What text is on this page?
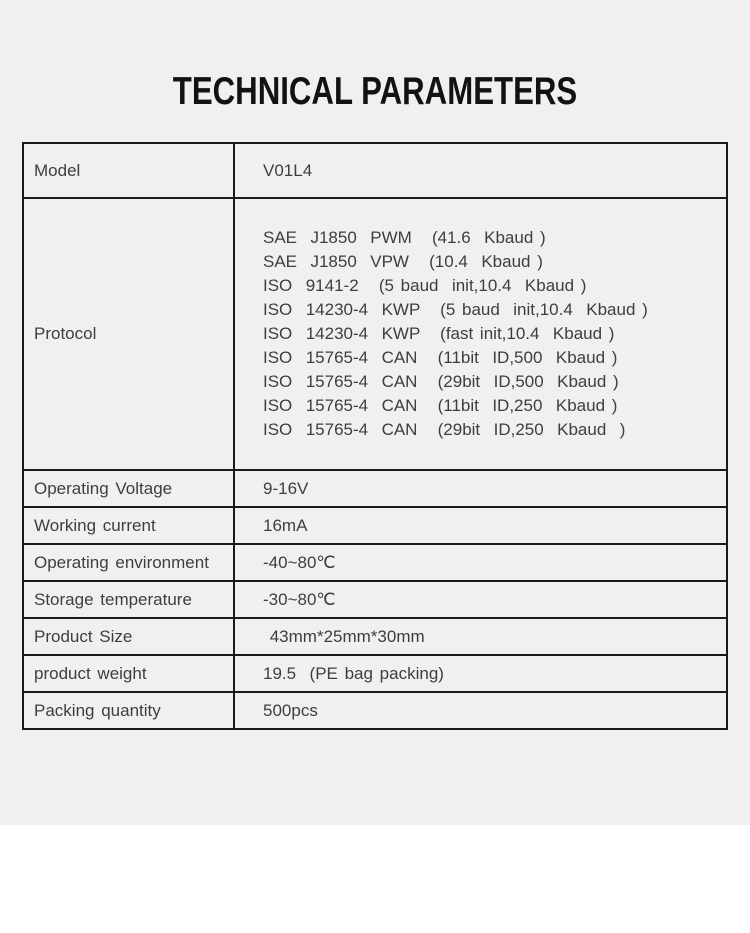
TECHNICAL PARAMETERS
Model	V01L4
Protocol
SAE  J1850  PWM   (41.6  Kbaud )
SAE  J1850  VPW   (10.4  Kbaud )
ISO  9141-2   (5 baud  init,10.4  Kbaud )
ISO  14230-4  KWP   (5 baud  init,10.4  Kbaud )
ISO  14230-4  KWP   (fast init,10.4  Kbaud )
ISO  15765-4  CAN   (11bit  ID,500  Kbaud )
ISO  15765-4  CAN   (29bit  ID,500  Kbaud )
ISO  15765-4  CAN   (11bit  ID,250  Kbaud )
ISO  15765-4  CAN   (29bit  ID,250  Kbaud  )
Operating Voltage	9-16V
Working current	16mA
Operating environment	-40~80℃
Storage temperature	-30~80℃
Product Size	43mm*25mm*30mm
product weight	19.5  (PE bag packing)
Packing quantity	500pcs
